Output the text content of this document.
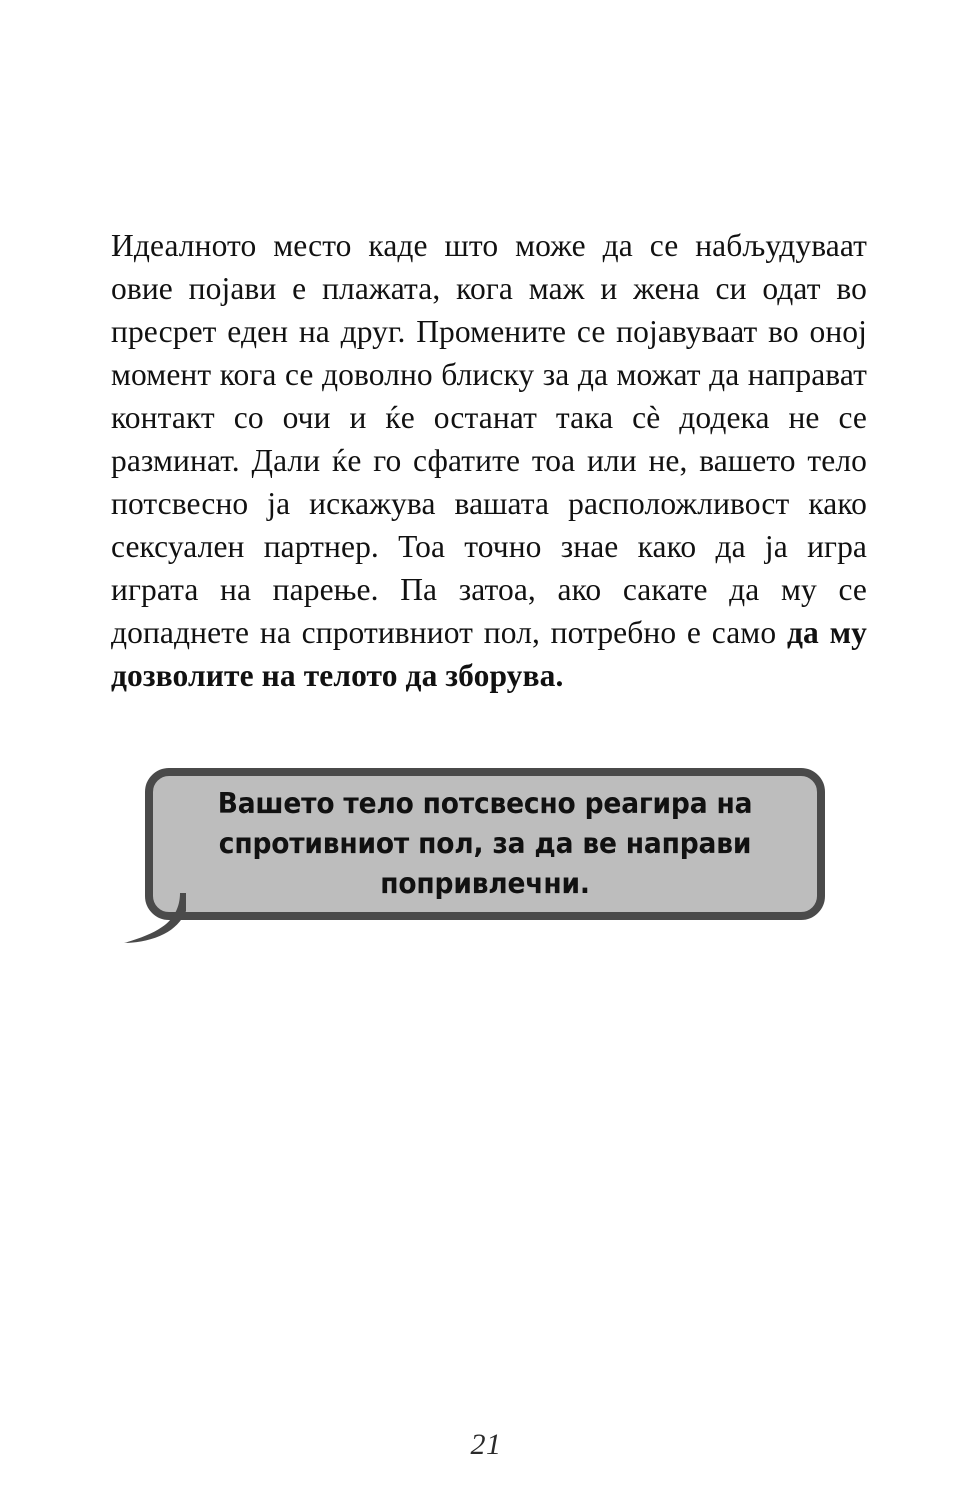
Идеалното место каде што може да се набљудуваат овие појави е плажата, кога маж и жена си одат во пресрет еден на друг. Промените се појавуваат во оној момент кога се доволно блиску за да можат да направат контакт со очи и ќе останат така сè додека не се разминат. Дали ќе го сфатите тоа или не, вашето тело потсвесно ја искажува вашата расположливост како сексуален партнер. Тоа точно знае како да ја игра играта на парење. Па затоа, ако сакате да му се допаднете на спротивниот пол, потребно е само да му дозволите на телото да зборува.

Вашето тело потсвесно реагира на спротивниот пол, за да ве направи попривлечни.
21
